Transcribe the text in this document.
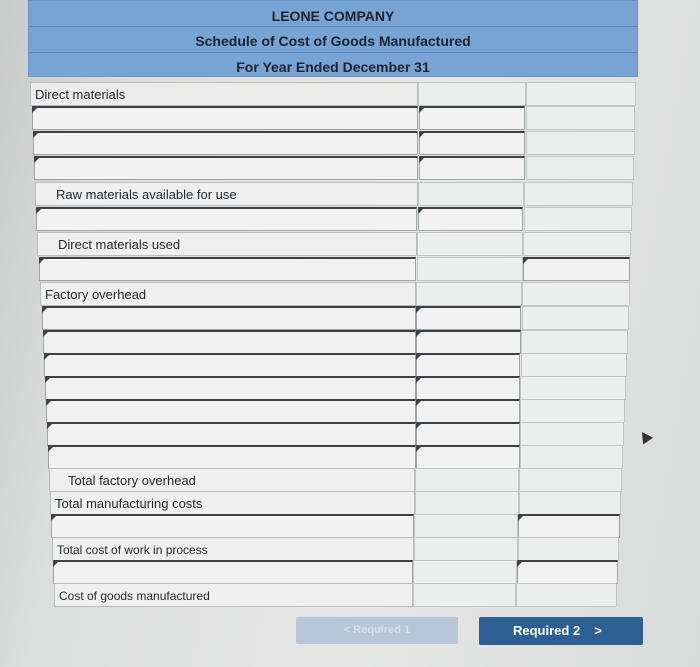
LEONE COMPANY
Schedule of Cost of Goods Manufactured
For Year Ended December 31
Direct materials
Raw materials available for use
Direct materials used
Factory overhead
Total factory overhead
Total manufacturing costs
Total cost of work in process
Cost of goods manufactured
< Required 1	Required 2 >
